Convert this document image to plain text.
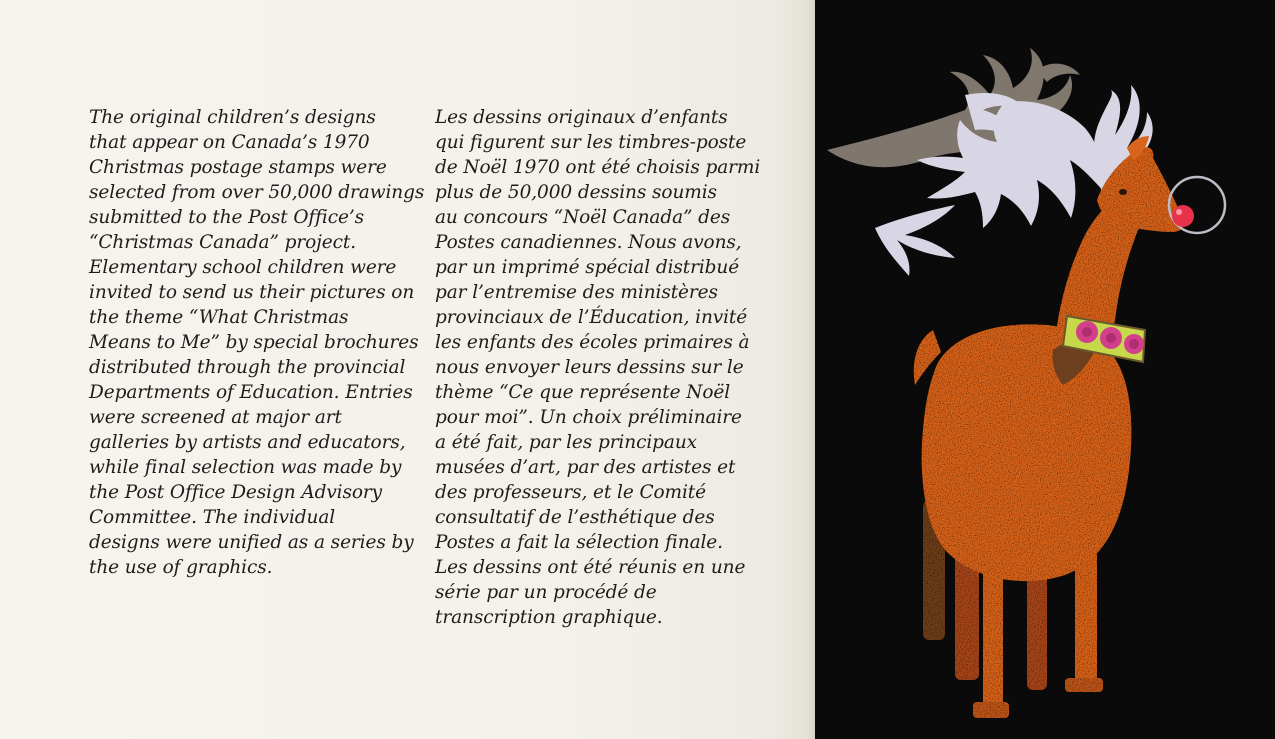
The original children’s designs
that appear on Canada’s 1970
Christmas postage stamps were
selected from over 50,000 drawings
submitted to the Post Office’s
“Christmas Canada” project.
Elementary school children were
invited to send us their pictures on
the theme “What Christmas
Means to Me” by special brochures
distributed through the provincial
Departments of Education. Entries
were screened at major art
galleries by artists and educators,
while final selection was made by
the Post Office Design Advisory
Committee. The individual
designs were unified as a series by
the use of graphics.
Les dessins originaux d’enfants
qui figurent sur les timbres-poste
de Noël 1970 ont été choisis parmi
plus de 50,000 dessins soumis
au concours “Noël Canada” des
Postes canadiennes. Nous avons,
par un imprimé spécial distribué
par l’entremise des ministères
provinciaux de l’Éducation, invité
les enfants des écoles primaires à
nous envoyer leurs dessins sur le
thème “Ce que représente Noël
pour moi”. Un choix préliminaire
a été fait, par les principaux
musées d’art, par des artistes et
des professeurs, et le Comité
consultatif de l’esthétique des
Postes a fait la sélection finale.
Les dessins ont été réunis en une
série par un procédé de
transcription graphique.
